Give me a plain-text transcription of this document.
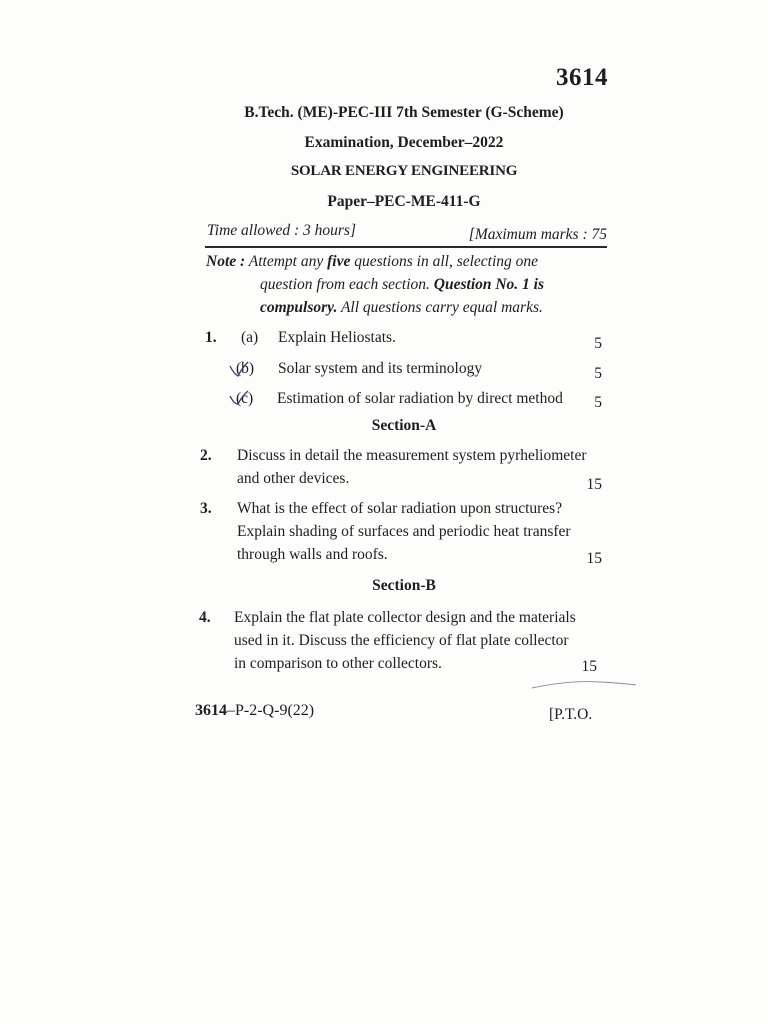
3614
B.Tech. (ME)-PEC-III 7th Semester (G-Scheme)
Examination, December–2022
SOLAR ENERGY ENGINEERING
Paper–PEC-ME-411-G
Time allowed : 3 hours]	[Maximum marks : 75
Note : Attempt any five questions in all, selecting one
question from each section. Question No. 1 is
compulsory. All questions carry equal marks.
1. (a) Explain Heliostats.	5
(b) Solar system and its terminology	5
(c) Estimation of solar radiation by direct method 5
Section-A
2. Discuss in detail the measurement system pyrheliometer
and other devices.	15
3. What is the effect of solar radiation upon structures?
Explain shading of surfaces and periodic heat transfer
through walls and roofs.	15
Section-B
4. Explain the flat plate collector design and the materials
used in it. Discuss the efficiency of flat plate collector
in comparison to other collectors.	15
3614–P-2-Q-9(22)	[P.T.O.
